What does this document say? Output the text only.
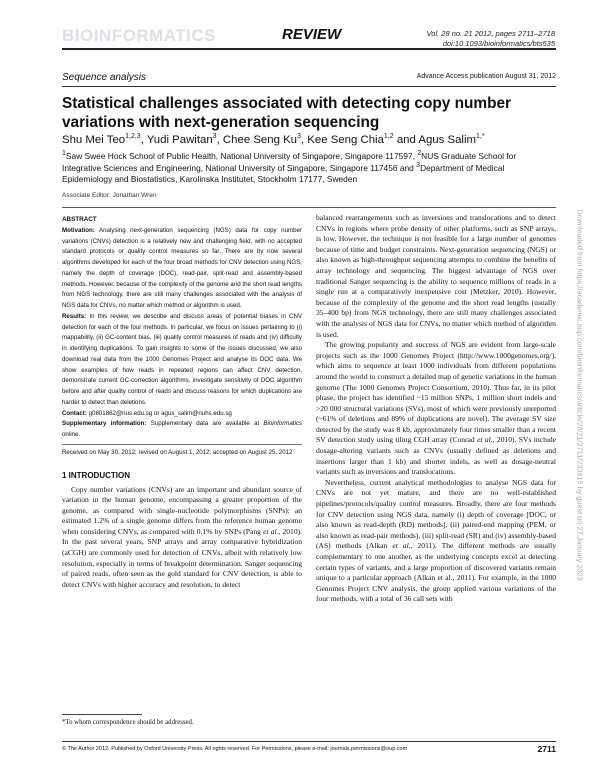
BIOINFORMATICS	REVIEW	Vol. 28 no. 21 2012, pages 2711–2718
doi:10.1093/bioinformatics/bts535
Sequence analysis	Advance Access publication August 31, 2012
Statistical challenges associated with detecting copy number variations with next-generation sequencing
Shu Mei Teo$^{1,2,3}$, Yudi Pawitan$^3$, Chee Seng Ku$^3$, Kee Seng Chia$^{1,2}$ and Agus Salim$^{1,*}$
$^1$Saw Swee Hock School of Public Health, National University of Singapore, Singapore 117597, $^2$NUS Graduate School for Integrative Sciences and Engineering, National University of Singapore, Singapore 117456 and $^3$Department of Medical Epidemiology and Biostatistics, Karolinska Institutet, Stockholm 17177, Sweden
Associate Editor: Jonathan Wren
ABSTRACT

Motivation: Analysing next-generation sequencing (NGS) data for copy number variations (CNVs) detection is a relatively new and challenging field, with no accepted standard protocols or quality control measures so far. There are by now several algorithms developed for each of the four broad methods for CNV detection using NGS, namely the depth of coverage (DOC), read-pair, split-read and assembly-based methods. However, because of the complexity of the genome and the short read lengths from NGS technology, there are still many challenges associated with the analysis of NGS data for CNVs, no matter which method or algorithm is used.

Results: In this review, we describe and discuss areas of potential biases in CNV detection for each of the four methods. In particular, we focus on issues pertaining to (i) mappability, (ii) GC-content bias, (iii) quality control measures of reads and (iv) difficulty in identifying duplications. To gain insights to some of the issues discussed, we also download real data from the 1000 Genomes Project and analyse its DOC data. We show examples of how reads in repeated regions can affect CNV detection, demonstrate current GC-correction algorithms, investigate sensitivity of DOC algorithm before and after quality control of reads and discuss reasons for which duplications are harder to detect than deletions.

Contact: g0801862@nus.edu.sg or agus_salim@nuhs.edu.sg

Supplementary information: Supplementary data are available at Bioinformatics online.

Received on May 30, 2012; revised on August 1, 2012; accepted on August 25, 2012

1 INTRODUCTION

Copy number variations (CNVs) are an important and abundant source of variation in the human genome, encompassing a greater proportion of the genome, as compared with single-nucleotide polymorphisms (SNPs); an estimated 1.2% of a single genome differs from the reference human genome when considering CNVs, as compared with 0.1% by SNPs (Pang et al., 2010). In the past several years, SNP arrays and array comparative hybridization (aCGH) are commonly used for detection of CNVs, albeit with relatively low resolution, especially in terms of breakpoint determination. Sanger sequencing of paired reads, often seen as the gold standard for CNV detection, is able to detect CNVs with higher accuracy and resolution, to detect

balanced rearrangements such as inversions and translocations and to detect CNVs in regions where probe density of other platforms, such as SNP arrays, is low. However, the technique is not feasible for a large number of genomes because of time and budget constraints. Next-generation sequencing (NGS) or also known as high-throughput sequencing attempts to combine the benefits of array technology and sequencing. The biggest advantage of NGS over traditional Sanger sequencing is the ability to sequence millions of reads in a single run at a comparatively inexpensive cost (Metzker, 2010). However, because of the complexity of the genome and the short read lengths (usually 35–400 bp) from NGS technology, there are still many challenges associated with the analysis of NGS data for CNVs, no matter which method of algorithm is used.

The growing popularity and success of NGS are evident from large-scale projects such as the 1000 Genomes Project (http://www.1000genomes.org/), which aims to sequence at least 1000 individuals from different populations around the world to construct a detailed map of genetic variations in the human genome (The 1000 Genomes Project Consortium, 2010). Thus far, in its pilot phase, the project has identified ~15 million SNPs, 1 million short indels and >20 000 structural variations (SVs), most of which were previously unreported (~61% of deletions and 89% of duplications are novel). The average SV size detected by the study was 8 kb, approximately four times smaller than a recent SV detection study using tiling CGH array (Conrad et al., 2010). SVs include dosage-altering variants such as CNVs (usually defined as deletions and insertions larger than 1 kb) and shorter indels, as well as dosage-neutral variants such as inversions and translocations.

Nevertheless, current analytical methodologies to analyse NGS data for CNVs are not yet mature, and there are no well-established pipelines/protocols/quality control measures. Broadly, there are four methods for CNV detection using NGS data, namely (i) depth of coverage [DOC, or also known as read-depth (RD) methods], (ii) paired-end mapping (PEM, or also known as read-pair methods), (iii) split-read (SR) and (iv) assembly-based (AS) methods (Alkan et al., 2011). The different methods are usually complementary to one another, as the underlying concepts excel at detecting certain types of variants, and a large proportion of discovered variants remain unique to a particular approach (Alkan et al., 2011). For example, in the 1000 Genomes Project CNV analysis, the group applied various variations of the four methods, with a total of 36 call sets with

*To whom correspondence should be addressed.
© The Author 2012. Published by Oxford University Press. All rights reserved. For Permissions, please e-mail: journals.permissions@oup.com	2711
Downloaded from https://academic.oup.com/bioinformatics/article/28/21/2711/233815 by guest on 27 January 2023
